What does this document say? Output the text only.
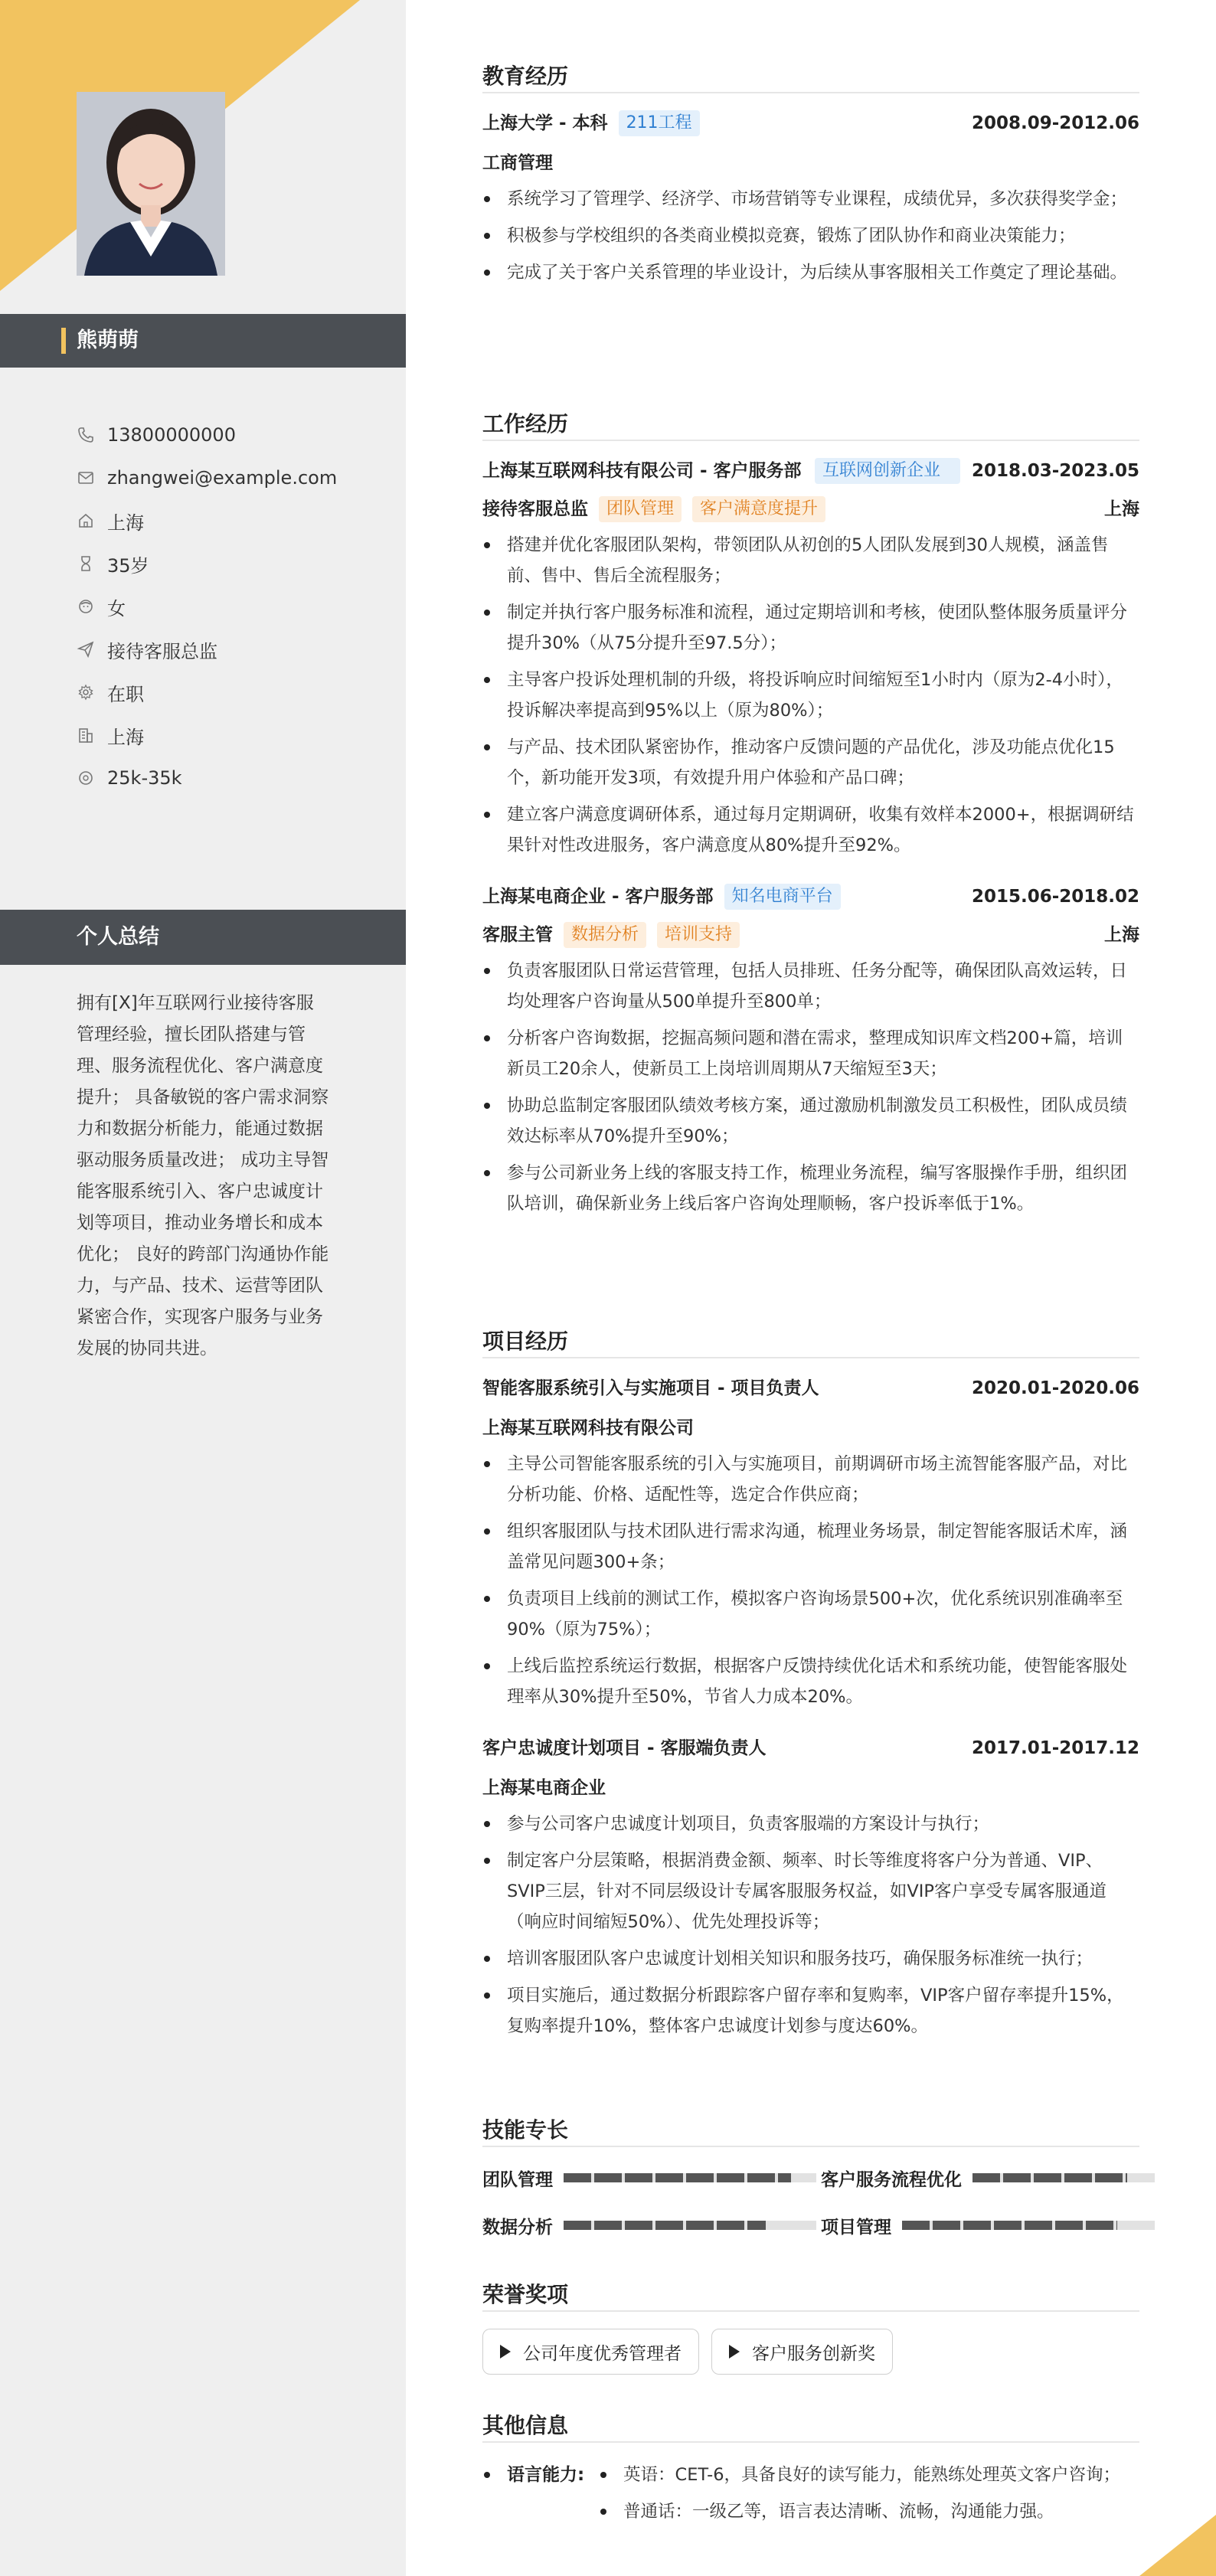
熊萌萌
13800000000
zhangwei@example.com
上海
35岁
女
接待客服总监
在职
上海
25k-35k
个人总结
拥有[X]年互联网行业接待客服管理经验，擅长团队搭建与管理、服务流程优化、客户满意度提升； 具备敏锐的客户需求洞察力和数据分析能力，能通过数据驱动服务质量改进； 成功主导智能客服系统引入、客户忠诚度计划等项目，推动业务增长和成本优化； 良好的跨部门沟通协作能力，与产品、技术、运营等团队紧密合作，实现客户服务与业务发展的协同共进。
教育经历
上海大学 - 本科	211工程	2008.09-2012.06
工商管理
系统学习了管理学、经济学、市场营销等专业课程，成绩优异，多次获得奖学金；
积极参与学校组织的各类商业模拟竞赛，锻炼了团队协作和商业决策能力；
完成了关于客户关系管理的毕业设计，为后续从事客服相关工作奠定了理论基础。
工作经历
上海某互联网科技有限公司 - 客户服务部	互联网创新企业	2018.03-2023.05
接待客服总监	团队管理	客户满意度提升	上海
搭建并优化客服团队架构，带领团队从初创的5人团队发展到30人规模，涵盖售前、售中、售后全流程服务；
制定并执行客户服务标准和流程，通过定期培训和考核，使团队整体服务质量评分提升30%（从75分提升至97.5分）；
主导客户投诉处理机制的升级，将投诉响应时间缩短至1小时内（原为2-4小时），投诉解决率提高到95%以上（原为80%）；
与产品、技术团队紧密协作，推动客户反馈问题的产品优化，涉及功能点优化15个，新功能开发3项，有效提升用户体验和产品口碑；
建立客户满意度调研体系，通过每月定期调研，收集有效样本2000+，根据调研结果针对性改进服务，客户满意度从80%提升至92%。
上海某电商企业 - 客户服务部	知名电商平台	2015.06-2018.02
客服主管	数据分析	培训支持	上海
负责客服团队日常运营管理，包括人员排班、任务分配等，确保团队高效运转，日均处理客户咨询量从500单提升至800单；
分析客户咨询数据，挖掘高频问题和潜在需求，整理成知识库文档200+篇，培训新员工20余人，使新员工上岗培训周期从7天缩短至3天；
协助总监制定客服团队绩效考核方案，通过激励机制激发员工积极性，团队成员绩效达标率从70%提升至90%；
参与公司新业务上线的客服支持工作，梳理业务流程，编写客服操作手册，组织团队培训，确保新业务上线后客户咨询处理顺畅，客户投诉率低于1%。
项目经历
智能客服系统引入与实施项目 - 项目负责人	2020.01-2020.06
上海某互联网科技有限公司
主导公司智能客服系统的引入与实施项目，前期调研市场主流智能客服产品，对比分析功能、价格、适配性等，选定合作供应商；
组织客服团队与技术团队进行需求沟通，梳理业务场景，制定智能客服话术库，涵盖常见问题300+条；
负责项目上线前的测试工作，模拟客户咨询场景500+次，优化系统识别准确率至90%（原为75%）；
上线后监控系统运行数据，根据客户反馈持续优化话术和系统功能，使智能客服处理率从30%提升至50%，节省人力成本20%。
客户忠诚度计划项目 - 客服端负责人	2017.01-2017.12
上海某电商企业
参与公司客户忠诚度计划项目，负责客服端的方案设计与执行；
制定客户分层策略，根据消费金额、频率、时长等维度将客户分为普通、VIP、SVIP三层，针对不同层级设计专属客服服务权益，如VIP客户享受专属客服通道（响应时间缩短50%）、优先处理投诉等；
培训客服团队客户忠诚度计划相关知识和服务技巧，确保服务标准统一执行；
项目实施后，通过数据分析跟踪客户留存率和复购率，VIP客户留存率提升15%，复购率提升10%，整体客户忠诚度计划参与度达60%。
技能专长
团队管理	客户服务流程优化
数据分析	项目管理
荣誉奖项
公司年度优秀管理者	客户服务创新奖
其他信息
语言能力:	英语：CET-6，具备良好的读写能力，能熟练处理英文客户咨询；
普通话：一级乙等，语言表达清晰、流畅，沟通能力强。
